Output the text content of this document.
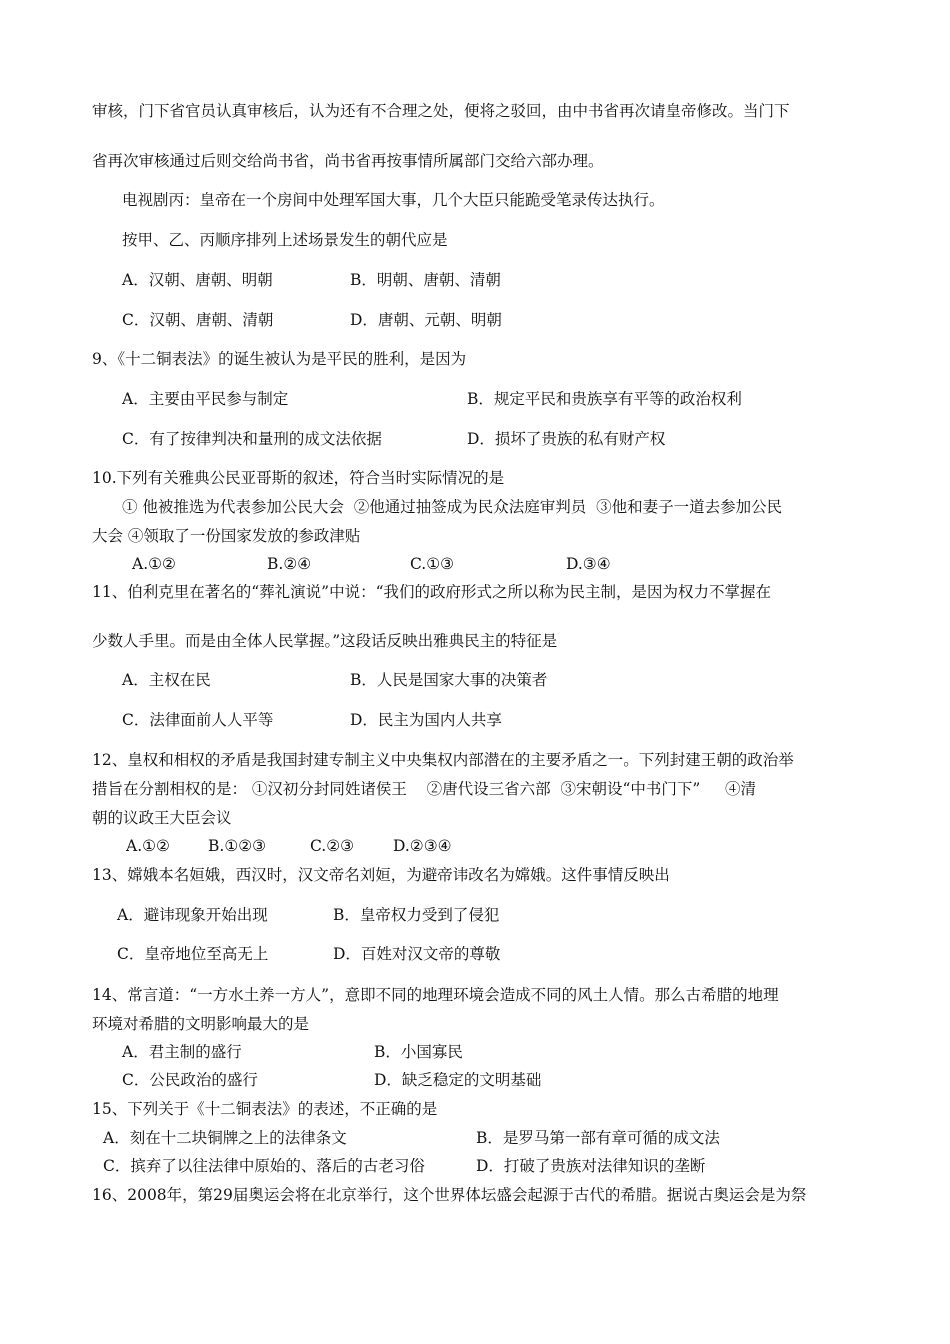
审核，门下省官员认真审核后，认为还有不合理之处，便将之驳回，由中书省再次请皇帝修改。当门下
省再次审核通过后则交给尚书省，尚书省再按事情所属部门交给六部办理。
电视剧丙：皇帝在一个房间中处理军国大事，几个大臣只能跪受笔录传达执行。
按甲、乙、丙顺序排列上述场景发生的朝代应是
A．汉朝、唐朝、明朝	B．明朝、唐朝、清朝
C．汉朝、唐朝、清朝	D．唐朝、元朝、明朝
9、《十二铜表法》的诞生被认为是平民的胜利，是因为
A．主要由平民参与制定	B．规定平民和贵族享有平等的政治权利
C．有了按律判决和量刑的成文法依据	D．损坏了贵族的私有财产权
10.下列有关雅典公民亚哥斯的叙述，符合当时实际情况的是
① 他被推选为代表参加公民大会  ②他通过抽签成为民众法庭审判员  ③他和妻子一道去参加公民
大会 ④领取了一份国家发放的参政津贴
A.①②	B.②④	C.①③	D.③④
11、伯利克里在著名的“葬礼演说”中说：“我们的政府形式之所以称为民主制，是因为权力不掌握在
少数人手里。而是由全体人民掌握。”这段话反映出雅典民主的特征是
A．主权在民	B．人民是国家大事的决策者
C．法律面前人人平等	D．民主为国内人共享
12、皇权和相权的矛盾是我国封建专制主义中央集权内部潜在的主要矛盾之一。下列封建王朝的政治举
措旨在分割相权的是： ①汉初分封同姓诸侯王    ②唐代设三省六部  ③宋朝设“中书门下”     ④清
朝的议政王大臣会议
A.①② B.①②③	C.②③	D.②③④
13、嫦娥本名姮娥，西汉时，汉文帝名刘姮，为避帝讳改名为嫦娥。这件事情反映出
A．避讳现象开始出现	B．皇帝权力受到了侵犯
C．皇帝地位至高无上	D．百姓对汉文帝的尊敬
14、常言道：“一方水土养一方人”，意即不同的地理环境会造成不同的风土人情。那么古希腊的地理
环境对希腊的文明影响最大的是
A．君主制的盛行	B．小国寡民
C．公民政治的盛行	D．缺乏稳定的文明基础
15、下列关于《十二铜表法》的表述，不正确的是
A．刻在十二块铜牌之上的法律条文	B．是罗马第一部有章可循的成文法
C．摈弃了以往法律中原始的、落后的古老习俗	D．打破了贵族对法律知识的垄断
16、2008年，第29届奥运会将在北京举行，这个世界体坛盛会起源于古代的希腊。据说古奥运会是为祭
